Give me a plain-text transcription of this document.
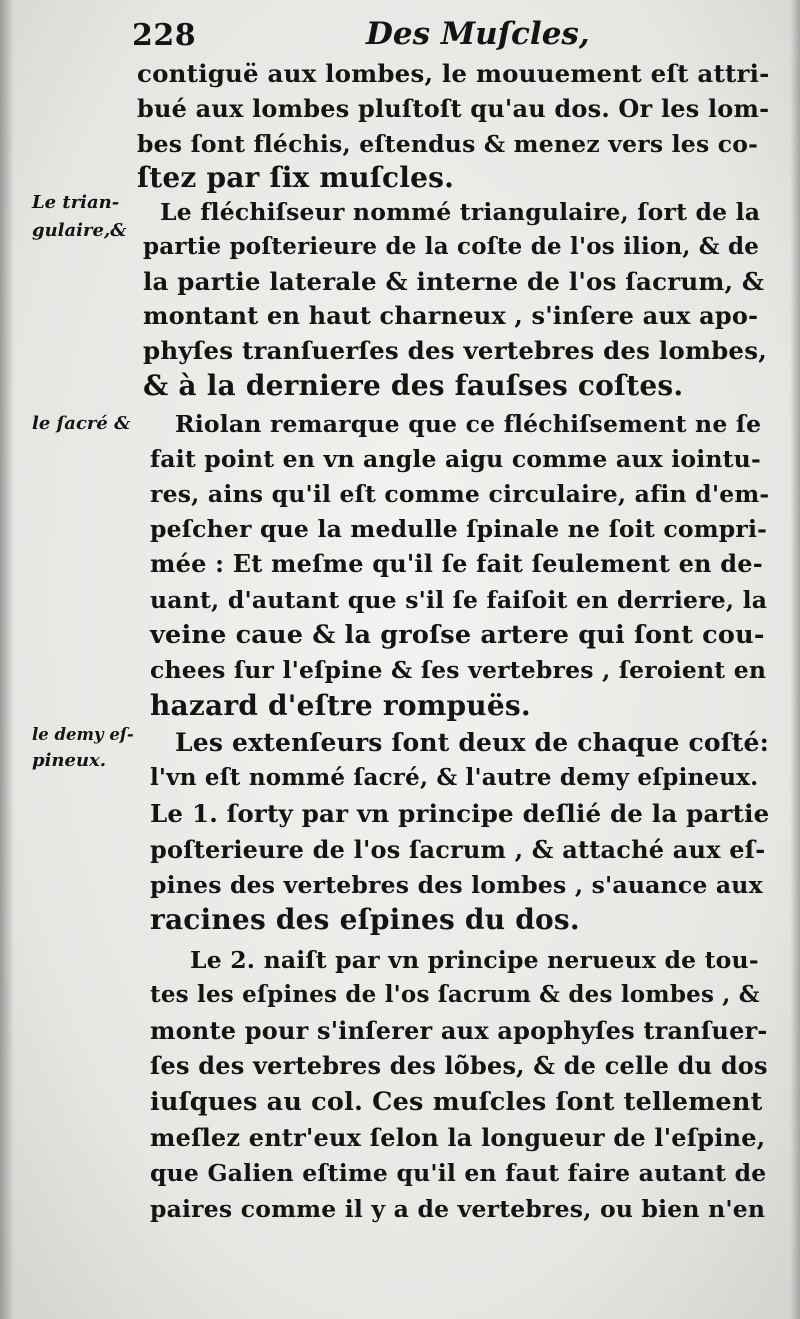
228	Des Muſcles,
Le trian-
gulaire,&
le ſacré &
le demy eſ-
pineux.
contiguë aux lombes, le mouuement eſt attri-
bué aux lombes pluſtoſt qu'au dos. Or les lom-
bes ſont fléchis, eſtendus & menez vers les co-
ſtez par ſix muſcles.
Le fléchiſseur nommé triangulaire, ſort de la
partie poſterieure de la coſte de l'os ilion, & de
la partie laterale & interne de l'os ſacrum, &
montant en haut charneux , s'inſere aux apo-
phyſes tranſuerſes des vertebres des lombes,
& à la derniere des fauſses coſtes.
Riolan remarque que ce fléchiſsement ne ſe
fait point en vn angle aigu comme aux iointu-
res, ains qu'il eſt comme circulaire, afin d'em-
peſcher que la medulle ſpinale ne ſoit compri-
mée : Et meſme qu'il ſe fait ſeulement en de-
uant, d'autant que s'il ſe faiſoit en derriere, la
veine caue & la groſse artere qui ſont cou-
chees ſur l'eſpine & ſes vertebres , ſeroient en
hazard d'eſtre rompuës.
Les extenſeurs ſont deux de chaque coſté:
l'vn eſt nommé ſacré, & l'autre demy eſpineux.
Le 1. ſorty par vn principe deſlié de la partie
poſterieure de l'os ſacrum , & attaché aux eſ-
pines des vertebres des lombes , s'auance aux
racines des eſpines du dos.
Le 2. naiſt par vn principe nerueux de tou-
tes les eſpines de l'os ſacrum & des lombes , &
monte pour s'inſerer aux apophyſes tranſuer-
ſes des vertebres des lõbes, & de celle du dos
iuſques au col. Ces muſcles ſont tellement
meſlez entr'eux ſelon la longueur de l'eſpine,
que Galien eſtime qu'il en faut faire autant de
paires comme il y a de vertebres, ou bien n'en
